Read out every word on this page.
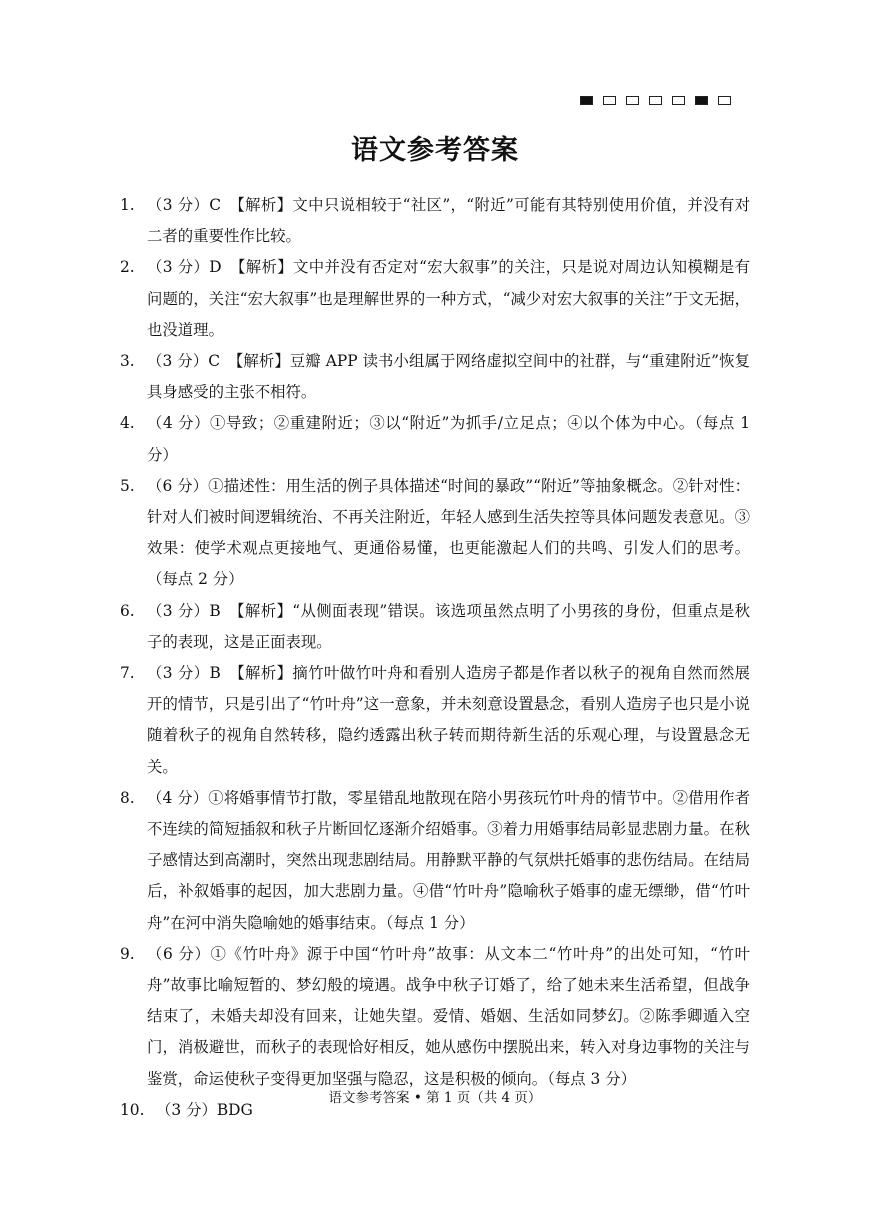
语文参考答案
1. （3 分）C　【解析】文中只说相较于“社区”，“附近”可能有其特别使用价值，并没有对二者的重要性作比较。
2. （3 分）D　【解析】文中并没有否定对“宏大叙事”的关注，只是说对周边认知模糊是有问题的，关注“宏大叙事”也是理解世界的一种方式，“减少对宏大叙事的关注”于文无据，也没道理。
3. （3 分）C　【解析】豆瓣 APP 读书小组属于网络虚拟空间中的社群，与“重建附近”恢复具身感受的主张不相符。
4. （4 分）①导致；②重建附近；③以“附近”为抓手/立足点；④以个体为中心。（每点 1 分）
5. （6 分）①描述性：用生活的例子具体描述“时间的暴政”“附近”等抽象概念。②针对性：针对人们被时间逻辑统治、不再关注附近，年轻人感到生活失控等具体问题发表意见。③效果：使学术观点更接地气、更通俗易懂，也更能激起人们的共鸣、引发人们的思考。（每点 2 分）
6. （3 分）B　【解析】“从侧面表现”错误。该选项虽然点明了小男孩的身份，但重点是秋子的表现，这是正面表现。
7. （3 分）B　【解析】摘竹叶做竹叶舟和看别人造房子都是作者以秋子的视角自然而然展开的情节，只是引出了“竹叶舟”这一意象，并未刻意设置悬念，看别人造房子也只是小说随着秋子的视角自然转移，隐约透露出秋子转而期待新生活的乐观心理，与设置悬念无关。
8. （4 分）①将婚事情节打散，零星错乱地散现在陪小男孩玩竹叶舟的情节中。②借用作者不连续的简短插叙和秋子片断回忆逐渐介绍婚事。③着力用婚事结局彰显悲剧力量。在秋子感情达到高潮时，突然出现悲剧结局。用静默平静的气氛烘托婚事的悲伤结局。在结局后，补叙婚事的起因，加大悲剧力量。④借“竹叶舟”隐喻秋子婚事的虚无缥缈，借“竹叶舟”在河中消失隐喻她的婚事结束。（每点 1 分）
9. （6 分）①《竹叶舟》源于中国“竹叶舟”故事：从文本二“竹叶舟”的出处可知，“竹叶舟”故事比喻短暂的、梦幻般的境遇。战争中秋子订婚了，给了她未来生活希望，但战争结束了，未婚夫却没有回来，让她失望。爱情、婚姻、生活如同梦幻。②陈季卿遁入空门，消极避世，而秋子的表现恰好相反，她从感伤中摆脱出来，转入对身边事物的关注与鉴赏，命运使秋子变得更加坚强与隐忍，这是积极的倾向。（每点 3 分）
10. （3 分）BDG
语文参考答案 • 第 1 页（共 4 页）
